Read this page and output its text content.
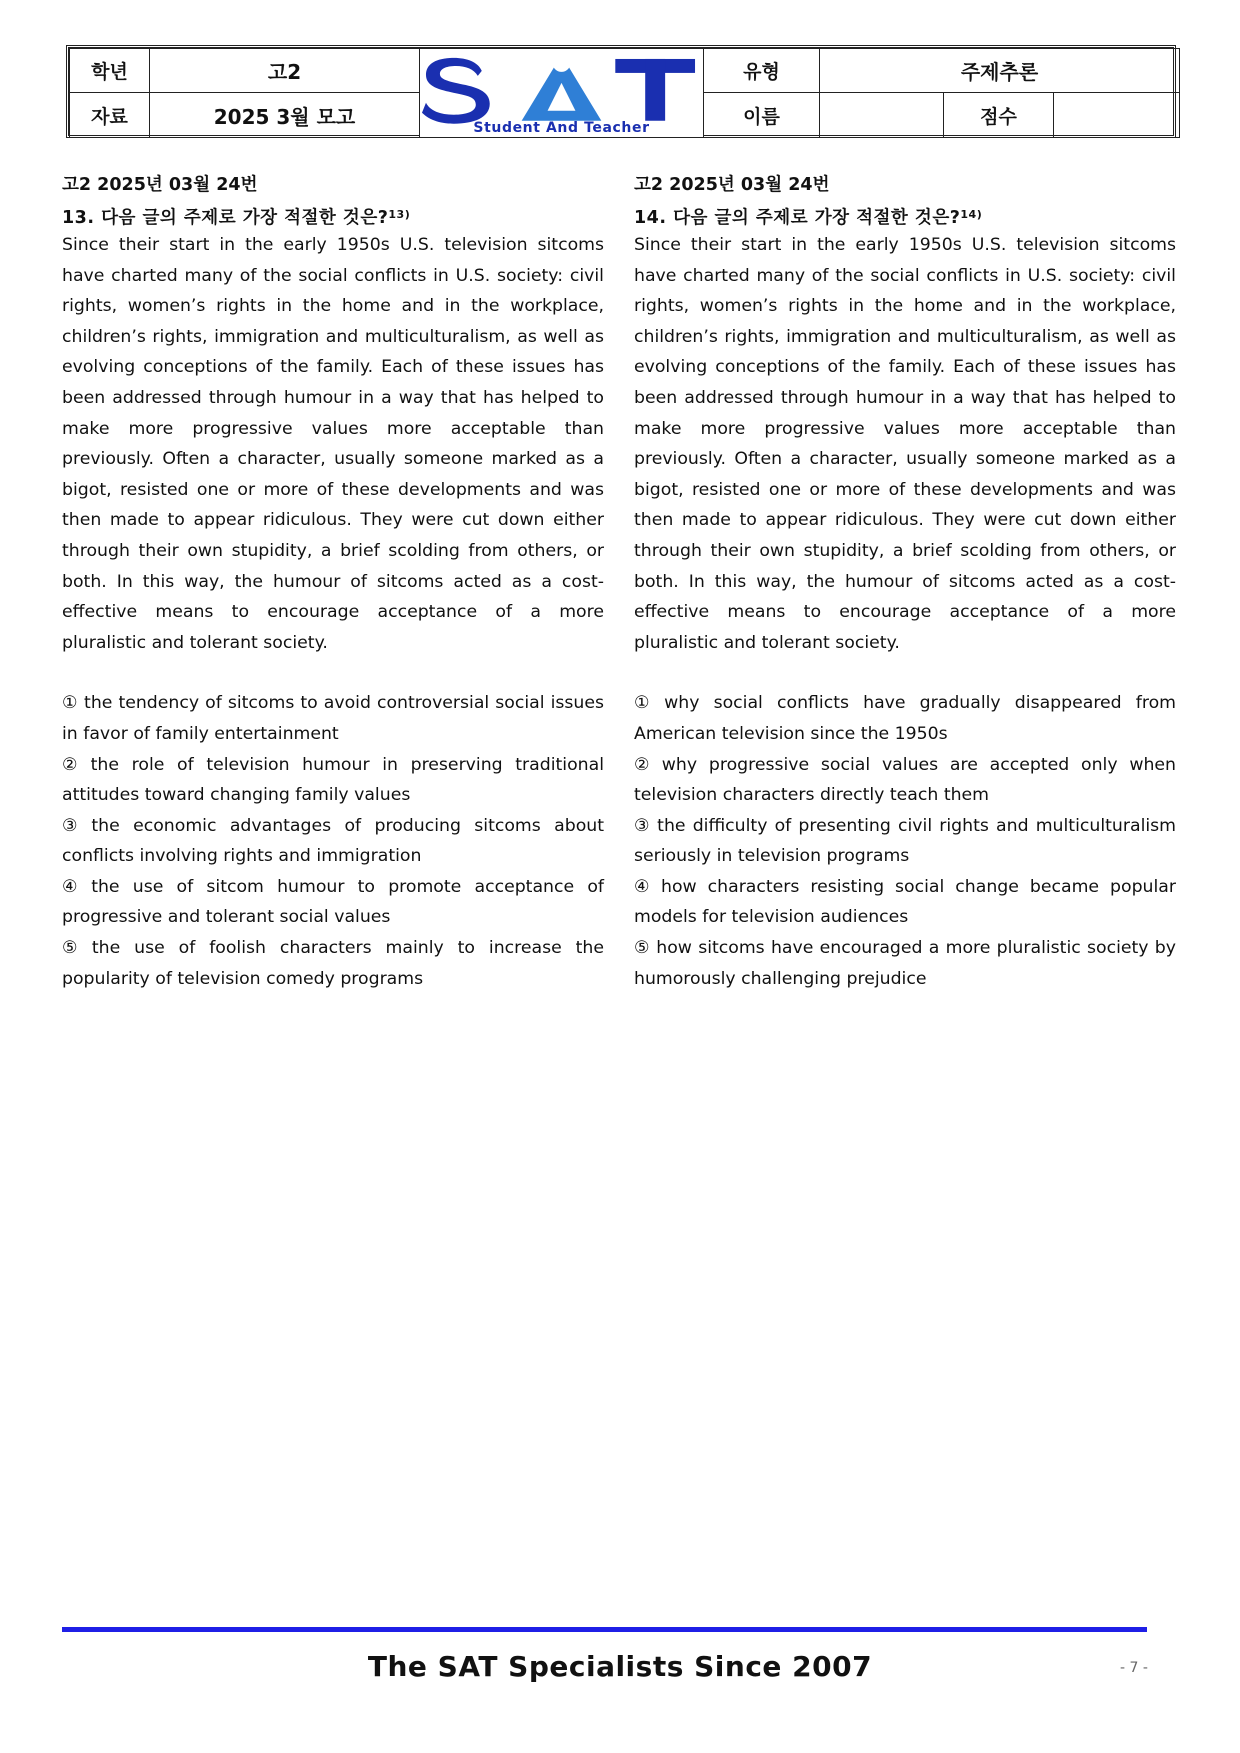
학년	고2	Student And Teacher	유형	주제추론		
자료	2025 3월 모고		이름		점수	
고2 2025년 03월 24번
13. 다음 글의 주제로 가장 적절한 것은?$^{13)}$

Since their start in the early 1950s U.S. television sitcoms have charted many of the social conflicts in U.S. society: civil rights, women’s rights in the home and in the workplace, children’s rights, immigration and multiculturalism, as well as evolving conceptions of the family. Each of these issues has been addressed through humour in a way that has helped to make more progressive values more acceptable than previously. Often a character, usually someone marked as a bigot, resisted one or more of these developments and was then made to appear ridiculous. They were cut down either through their own stupidity, a brief scolding from others, or both. In this way, the humour of sitcoms acted as a cost-effective means to encourage acceptance of a more pluralistic and tolerant society.

① the tendency of sitcoms to avoid controversial social issues in favor of family entertainment
② the role of television humour in preserving traditional attitudes toward changing family values
③ the economic advantages of producing sitcoms about conflicts involving rights and immigration
④ the use of sitcom humour to promote acceptance of progressive and tolerant social values
⑤ the use of foolish characters mainly to increase the popularity of television comedy programs
고2 2025년 03월 24번
14. 다음 글의 주제로 가장 적절한 것은?$^{14)}$

Since their start in the early 1950s U.S. television sitcoms have charted many of the social conflicts in U.S. society: civil rights, women’s rights in the home and in the workplace, children’s rights, immigration and multiculturalism, as well as evolving conceptions of the family. Each of these issues has been addressed through humour in a way that has helped to make more progressive values more acceptable than previously. Often a character, usually someone marked as a bigot, resisted one or more of these developments and was then made to appear ridiculous. They were cut down either through their own stupidity, a brief scolding from others, or both. In this way, the humour of sitcoms acted as a cost-effective means to encourage acceptance of a more pluralistic and tolerant society.

① why social conflicts have gradually disappeared from American television since the 1950s
② why progressive social values are accepted only when television characters directly teach them
③ the difficulty of presenting civil rights and multiculturalism seriously in television programs
④ how characters resisting social change became popular models for television audiences
⑤ how sitcoms have encouraged a more pluralistic society by humorously challenging prejudice
The SAT Specialists Since 2007	- 7 -
